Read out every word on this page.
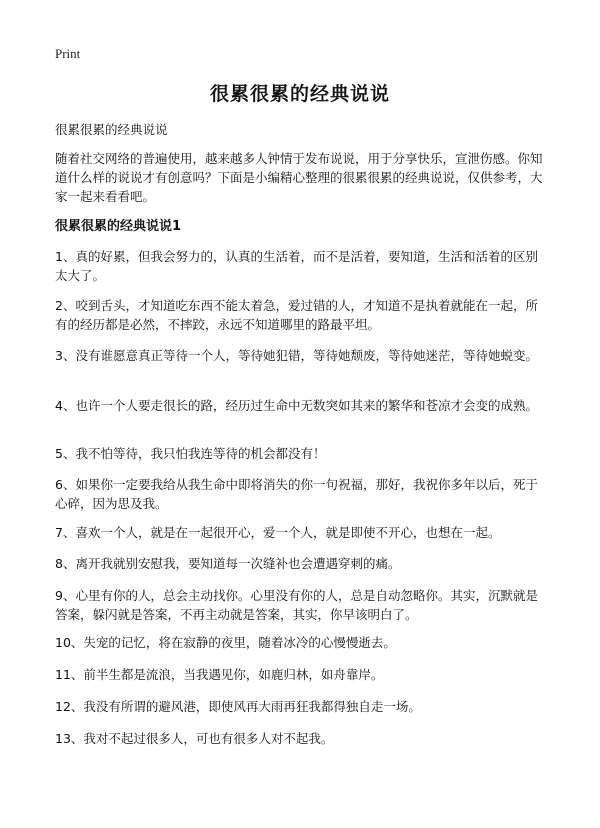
Print
很累很累的经典说说
很累很累的经典说说

随着社交网络的普遍使用，越来越多人钟情于发布说说，用于分享快乐，宣泄伤感。你知道什么样的说说才有创意吗？下面是小编精心整理的很累很累的经典说说，仅供参考，大家一起来看看吧。

很累很累的经典说说1

1、真的好累，但我会努力的，认真的生活着，而不是活着，要知道，生活和活着的区别太大了。

2、咬到舌头，才知道吃东西不能太着急，爱过错的人，才知道不是执着就能在一起，所有的经历都是必然，不摔跤，永远不知道哪里的路最平坦。

3、没有谁愿意真正等待一个人，等待她犯错，等待她颓废，等待她迷茫，等待她蜕变。

4、也许一个人要走很长的路，经历过生命中无数突如其来的繁华和苍凉才会变的成熟。

5、我不怕等待，我只怕我连等待的机会都没有！

6、如果你一定要我给从我生命中即将消失的你一句祝福，那好，我祝你多年以后，死于心碎，因为思及我。

7、喜欢一个人，就是在一起很开心，爱一个人，就是即使不开心，也想在一起。

8、离开我就别安慰我，要知道每一次缝补也会遭遇穿刺的痛。

9、心里有你的人，总会主动找你。心里没有你的人，总是自动忽略你。其实，沉默就是答案，躲闪就是答案，不再主动就是答案，其实，你早该明白了。

10、失宠的记忆，将在寂静的夜里，随着冰冷的心慢慢逝去。

11、前半生都是流浪，当我遇见你，如鹿归林，如舟靠岸。

12、我没有所谓的避风港，即使风再大雨再狂我都得独自走一场。

13、我对不起过很多人，可也有很多人对不起我。
